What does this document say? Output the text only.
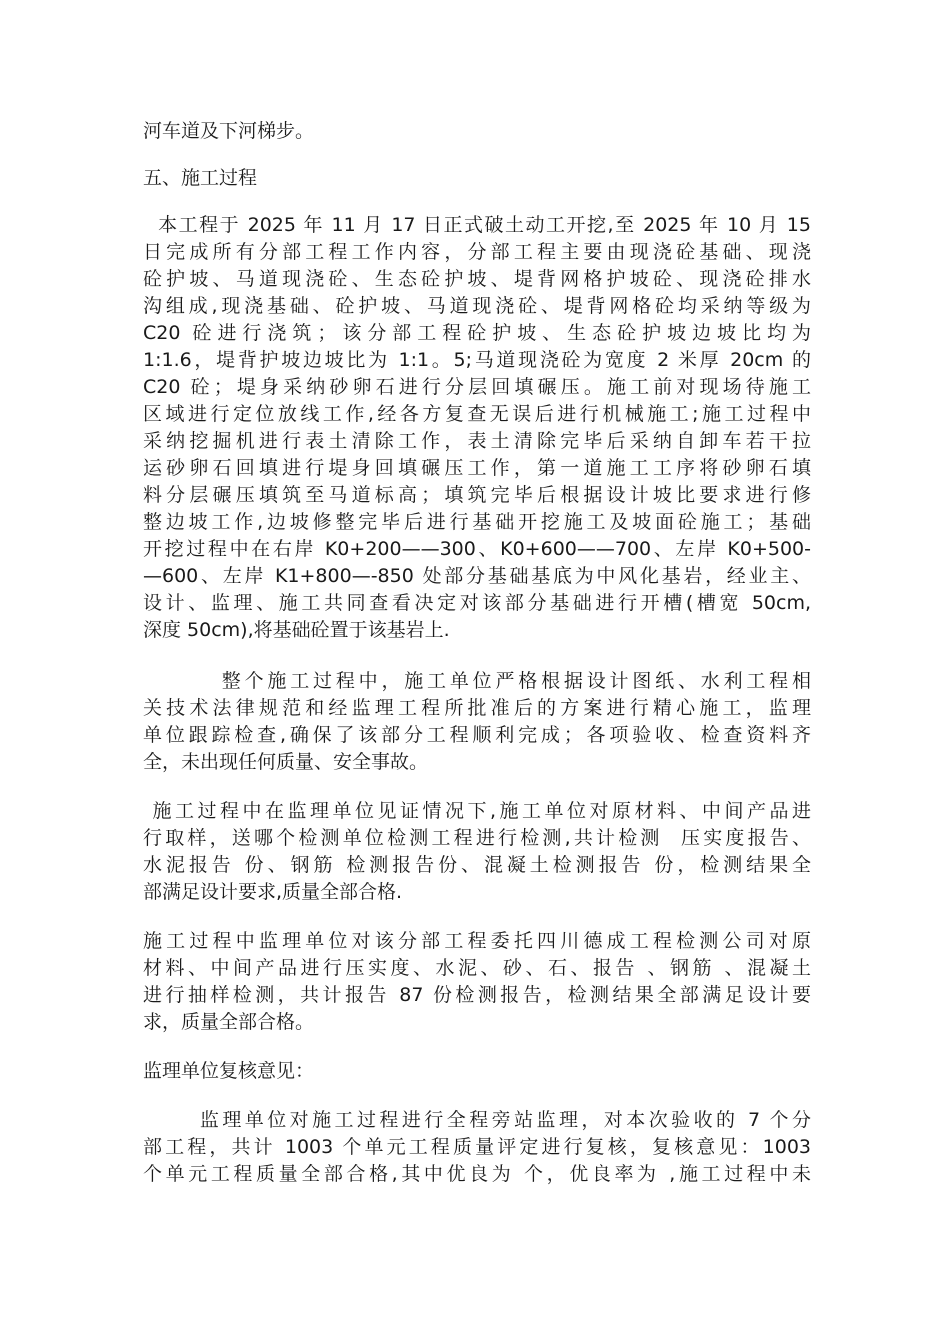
河车道及下河梯步。
五、施工过程
本工程于 2025 年 11 月 17 日正式破土动工开挖,至 2025 年 10 月 15
日完成所有分部工程工作内容，分部工程主要由现浇砼基础、现浇
砼护坡、马道现浇砼、生态砼护坡、堤背网格护坡砼、现浇砼排水
沟组成,现浇基础、砼护坡、马道现浇砼、堤背网格砼均采纳等级为
C20 砼进行浇筑；该分部工程砼护坡、生态砼护坡边坡比均为
1:1.6，堤背护坡边坡比为 1:1。5;马道现浇砼为宽度 2 米厚 20cm 的
C20 砼；堤身采纳砂卵石进行分层回填碾压。施工前对现场待施工
区域进行定位放线工作,经各方复查无误后进行机械施工;施工过程中
采纳挖掘机进行表土清除工作，表土清除完毕后采纳自卸车若干拉
运砂卵石回填进行堤身回填碾压工作，第一道施工工序将砂卵石填
料分层碾压填筑至马道标高；填筑完毕后根据设计坡比要求进行修
整边坡工作,边坡修整完毕后进行基础开挖施工及坡面砼施工；基础
开挖过程中在右岸 K0+200——300、K0+600——700、左岸 K0+500-
—600、左岸 K1+800—-850 处部分基础基底为中风化基岩，经业主、
设计、监理、施工共同查看决定对该部分基础进行开槽(槽宽 50cm,
深度 50cm),将基础砼置于该基岩上.
整个施工过程中，施工单位严格根据设计图纸、水利工程相
关技术法律规范和经监理工程所批准后的方案进行精心施工，监理
单位跟踪检查,确保了该部分工程顺利完成；各项验收、检查资料齐
全，未出现任何质量、安全事故。
施工过程中在监理单位见证情况下,施工单位对原材料、中间产品进
行取样，送哪个检测单位检测工程进行检测,共计检测  压实度报告、
水泥报告 份、钢筋 检测报告份、混凝土检测报告 份，检测结果全
部满足设计要求,质量全部合格.
施工过程中监理单位对该分部工程委托四川德成工程检测公司对原
材料、中间产品进行压实度、水泥、砂、石、报告 、钢筋 、混凝土
进行抽样检测，共计报告 87 份检测报告，检测结果全部满足设计要
求，质量全部合格。
监理单位复核意见：
监理单位对施工过程进行全程旁站监理，对本次验收的 7 个分
部工程，共计 1003 个单元工程质量评定进行复核，复核意见：1003
个单元工程质量全部合格,其中优良为 个，优良率为 ,施工过程中未
